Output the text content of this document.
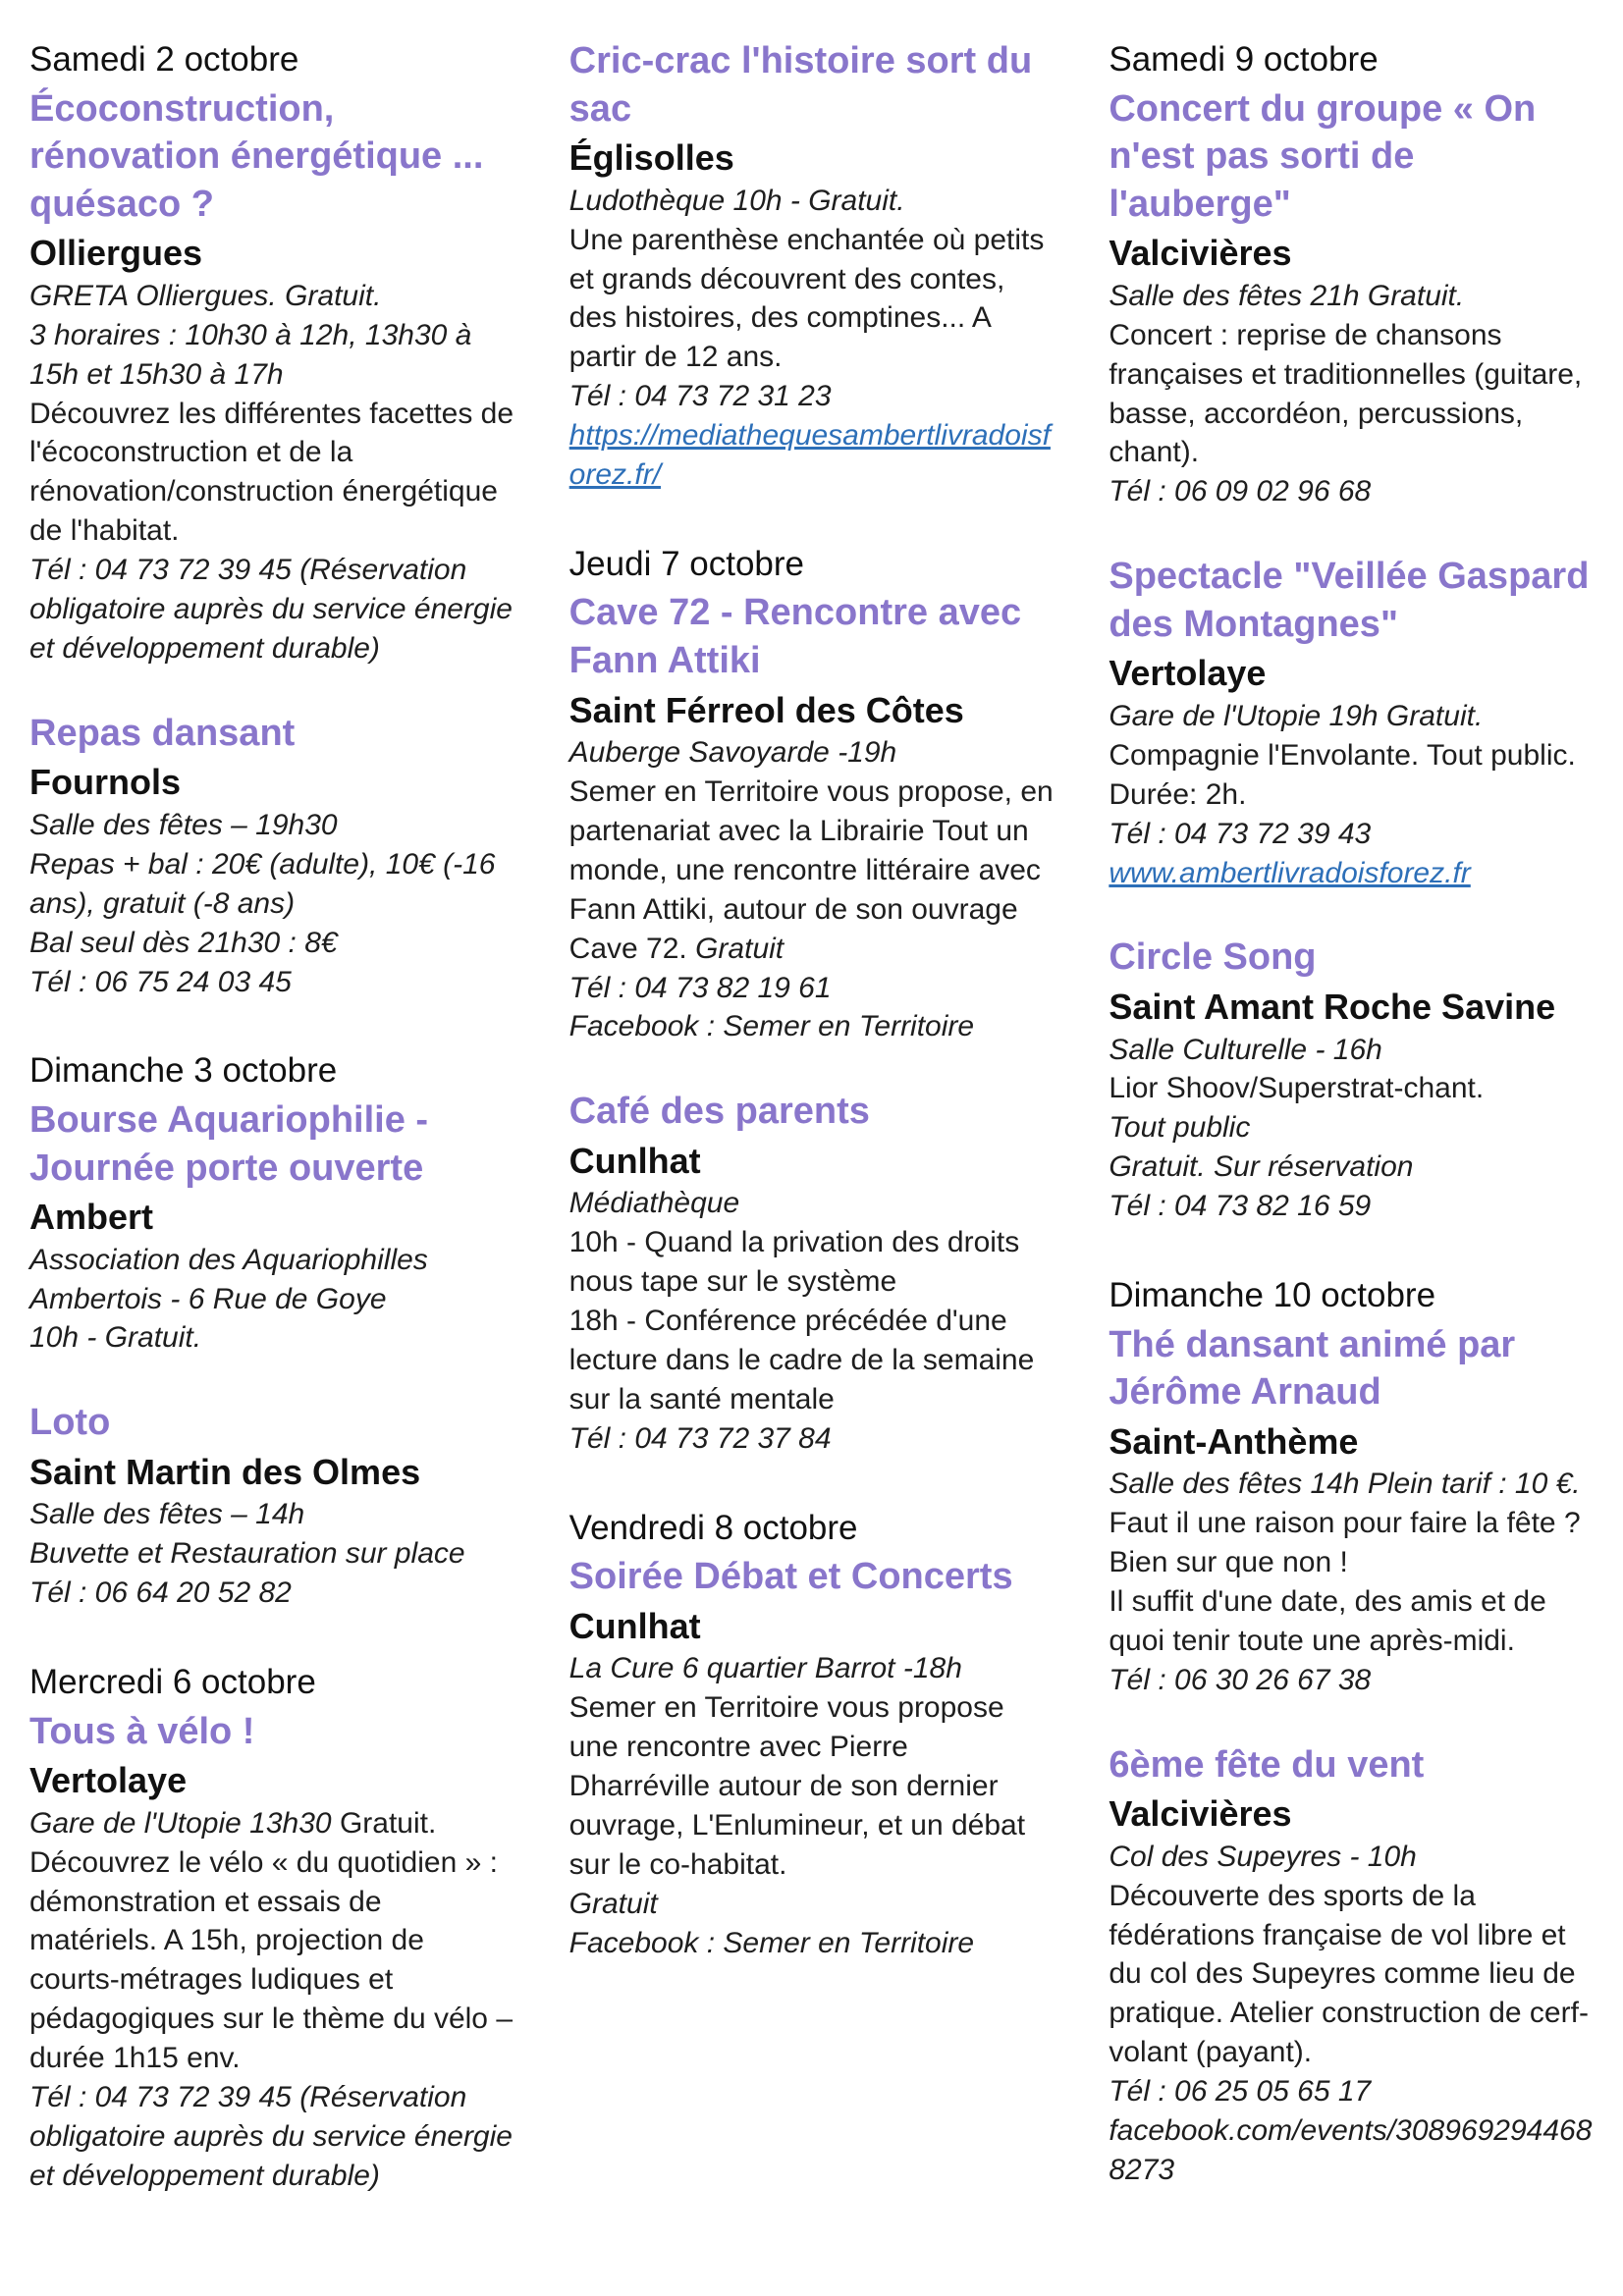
Samedi 2 octobre
Écoconstruction, rénovation énergétique ... quésaco ?
Olliergues

GRETA Olliergues. Gratuit.

3 horaires : 10h30 à 12h, 13h30 à 15h et 15h30 à 17h

Découvrez les différentes facettes de l'écoconstruction et de la rénovation/construction énergétique de l'habitat.

Tél : 04 73 72 39 45 (Réservation obligatoire auprès du service énergie et développement durable)

Repas dansant
Fournols

Salle des fêtes – 19h30

Repas + bal : 20€ (adulte), 10€ (-16 ans), gratuit (-8 ans)

Bal seul dès 21h30 : 8€

Tél : 06 75 24 03 45

Dimanche 3 octobre
Bourse Aquariophilie - Journée porte ouverte
Ambert

Association des Aquariophilles Ambertois - 6 Rue de Goye

10h - Gratuit.

Loto
Saint Martin des Olmes

Salle des fêtes – 14h

Buvette et Restauration sur place

Tél : 06 64 20 52 82

Mercredi 6 octobre
Tous à vélo !
Vertolaye

Gare de l'Utopie 13h30 Gratuit.

Découvrez le vélo « du quotidien » : démonstration et essais de matériels. A 15h, projection de courts-métrages ludiques et pédagogiques sur le thème du vélo – durée 1h15 env.

Tél : 04 73 72 39 45 (Réservation obligatoire auprès du service énergie et développement durable)

Cric-crac l'histoire sort du sac
Églisolles

Ludothèque 10h - Gratuit.

Une parenthèse enchantée où petits et grands découvrent des contes, des histoires, des comptines... A partir de 12 ans.

Tél : 04 73 72 31 23

https://mediathequesambertlivradoisforez.fr/

Jeudi 7 octobre
Cave 72 - Rencontre avec Fann Attiki
Saint Férreol des Côtes

Auberge Savoyarde -19h

Semer en Territoire vous propose, en partenariat avec la Librairie Tout un monde, une rencontre littéraire avec Fann Attiki, autour de son ouvrage Cave 72. Gratuit

Tél : 04 73 82 19 61

Facebook : Semer en Territoire

Café des parents
Cunlhat

Médiathèque

10h - Quand la privation des droits nous tape sur le système

18h - Conférence précédée d'une lecture dans le cadre de la semaine sur la santé mentale

Tél : 04 73 72 37 84

Vendredi 8 octobre
Soirée Débat et Concerts
Cunlhat

La Cure 6 quartier Barrot -18h

Semer en Territoire vous propose une rencontre avec Pierre Dharréville autour de son dernier ouvrage, L'Enlumineur, et un débat sur le co-habitat.

Gratuit

Facebook : Semer en Territoire

Samedi 9 octobre
Concert du groupe « On n'est pas sorti de l'auberge"
Valcivières

Salle des fêtes 21h Gratuit.

Concert : reprise de chansons françaises et traditionnelles (guitare, basse, accordéon, percussions, chant).

Tél : 06 09 02 96 68

Spectacle "Veillée Gaspard des Montagnes"
Vertolaye

Gare de l'Utopie 19h Gratuit.

Compagnie l'Envolante. Tout public. Durée: 2h.

Tél : 04 73 72 39 43

www.ambertlivradoisforez.fr

Circle Song
Saint Amant Roche Savine

Salle Culturelle - 16h

Lior Shoov/Superstrat-chant.

Tout public

Gratuit. Sur réservation

Tél : 04 73 82 16 59

Dimanche 10 octobre
Thé dansant animé par Jérôme Arnaud
Saint-Anthème

Salle des fêtes 14h Plein tarif : 10 €.

Faut il une raison pour faire la fête ? Bien sur que non !

Il suffit d'une date, des amis et de quoi tenir toute une après-midi.

Tél : 06 30 26 67 38

6ème fête du vent
Valcivières

Col des Supeyres - 10h

Découverte des sports de la fédérations française de vol libre et du col des Supeyres comme lieu de pratique. Atelier construction de cerf-volant (payant).

Tél : 06 25 05 65 17

facebook.com/events/3089692944688273
